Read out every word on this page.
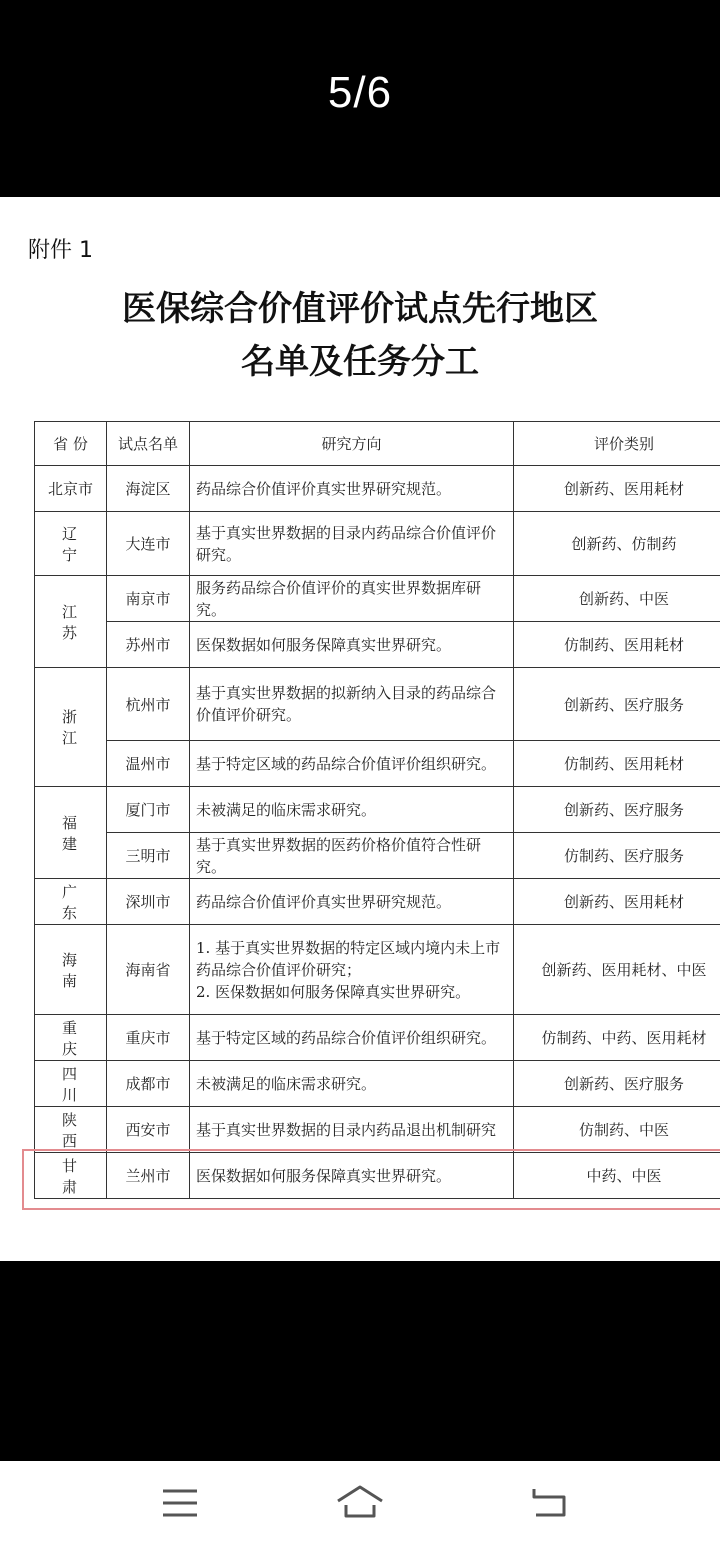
5/6
附件 1
医保综合价值评价试点先行地区
名单及任务分工
省 份	试点名单	研究方向	评价类别
北京市	海淀区	药品综合价值评价真实世界研究规范。	创新药、医用耗材
辽 宁	大连市	基于真实世界数据的目录内药品综合价值评价研究。	创新药、仿制药
江 苏	南京市	服务药品综合价值评价的真实世界数据库研究。	创新药、中医
	苏州市	医保数据如何服务保障真实世界研究。	仿制药、医用耗材
浙 江	杭州市	基于真实世界数据的拟新纳入目录的药品综合价值评价研究。	创新药、医疗服务
	温州市	基于特定区域的药品综合价值评价组织研究。	仿制药、医用耗材
福 建	厦门市	未被满足的临床需求研究。	创新药、医疗服务
	三明市	基于真实世界数据的医药价格价值符合性研究。	仿制药、医疗服务
广 东	深圳市	药品综合价值评价真实世界研究规范。	创新药、医用耗材
海 南	海南省	1. 基于真实世界数据的特定区域内境内未上市药品综合价值评价研究；
2. 医保数据如何服务保障真实世界研究。	创新药、医用耗材、中医
重 庆	重庆市	基于特定区域的药品综合价值评价组织研究。	仿制药、中药、医用耗材
四 川	成都市	未被满足的临床需求研究。	创新药、医疗服务
陕 西	西安市	基于真实世界数据的目录内药品退出机制研究	仿制药、中医
甘 肃	兰州市	医保数据如何服务保障真实世界研究。	中药、中医
